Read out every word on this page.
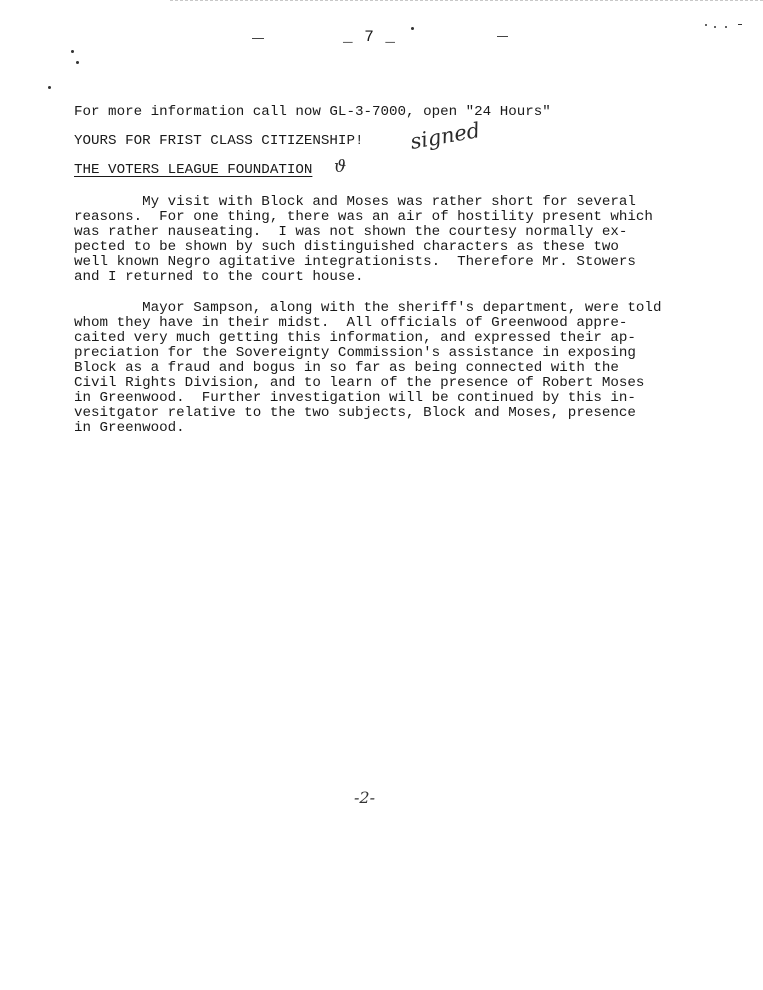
_ 7 _
For more information call now GL-3-7000, open "24 Hours"
YOURS FOR FRIST CLASS CITIZENSHIP! signed
THE VOTERS LEAGUE FOUNDATION ϑ
My visit with Block and Moses was rather short for several
reasons.  For one thing, there was an air of hostility present which
was rather nauseating.  I was not shown the courtesy normally ex-
pected to be shown by such distinguished characters as these two
well known Negro agitative integrationists.  Therefore Mr. Stowers
and I returned to the court house.
Mayor Sampson, along with the sheriff's department, were told
whom they have in their midst.  All officials of Greenwood appre-
caited very much getting this information, and expressed their ap-
preciation for the Sovereignty Commission's assistance in exposing
Block as a fraud and bogus in so far as being connected with the
Civil Rights Division, and to learn of the presence of Robert Moses
in Greenwood.  Further investigation will be continued by this in-
vesitgator relative to the two subjects, Block and Moses, presence
in Greenwood.
-2-
